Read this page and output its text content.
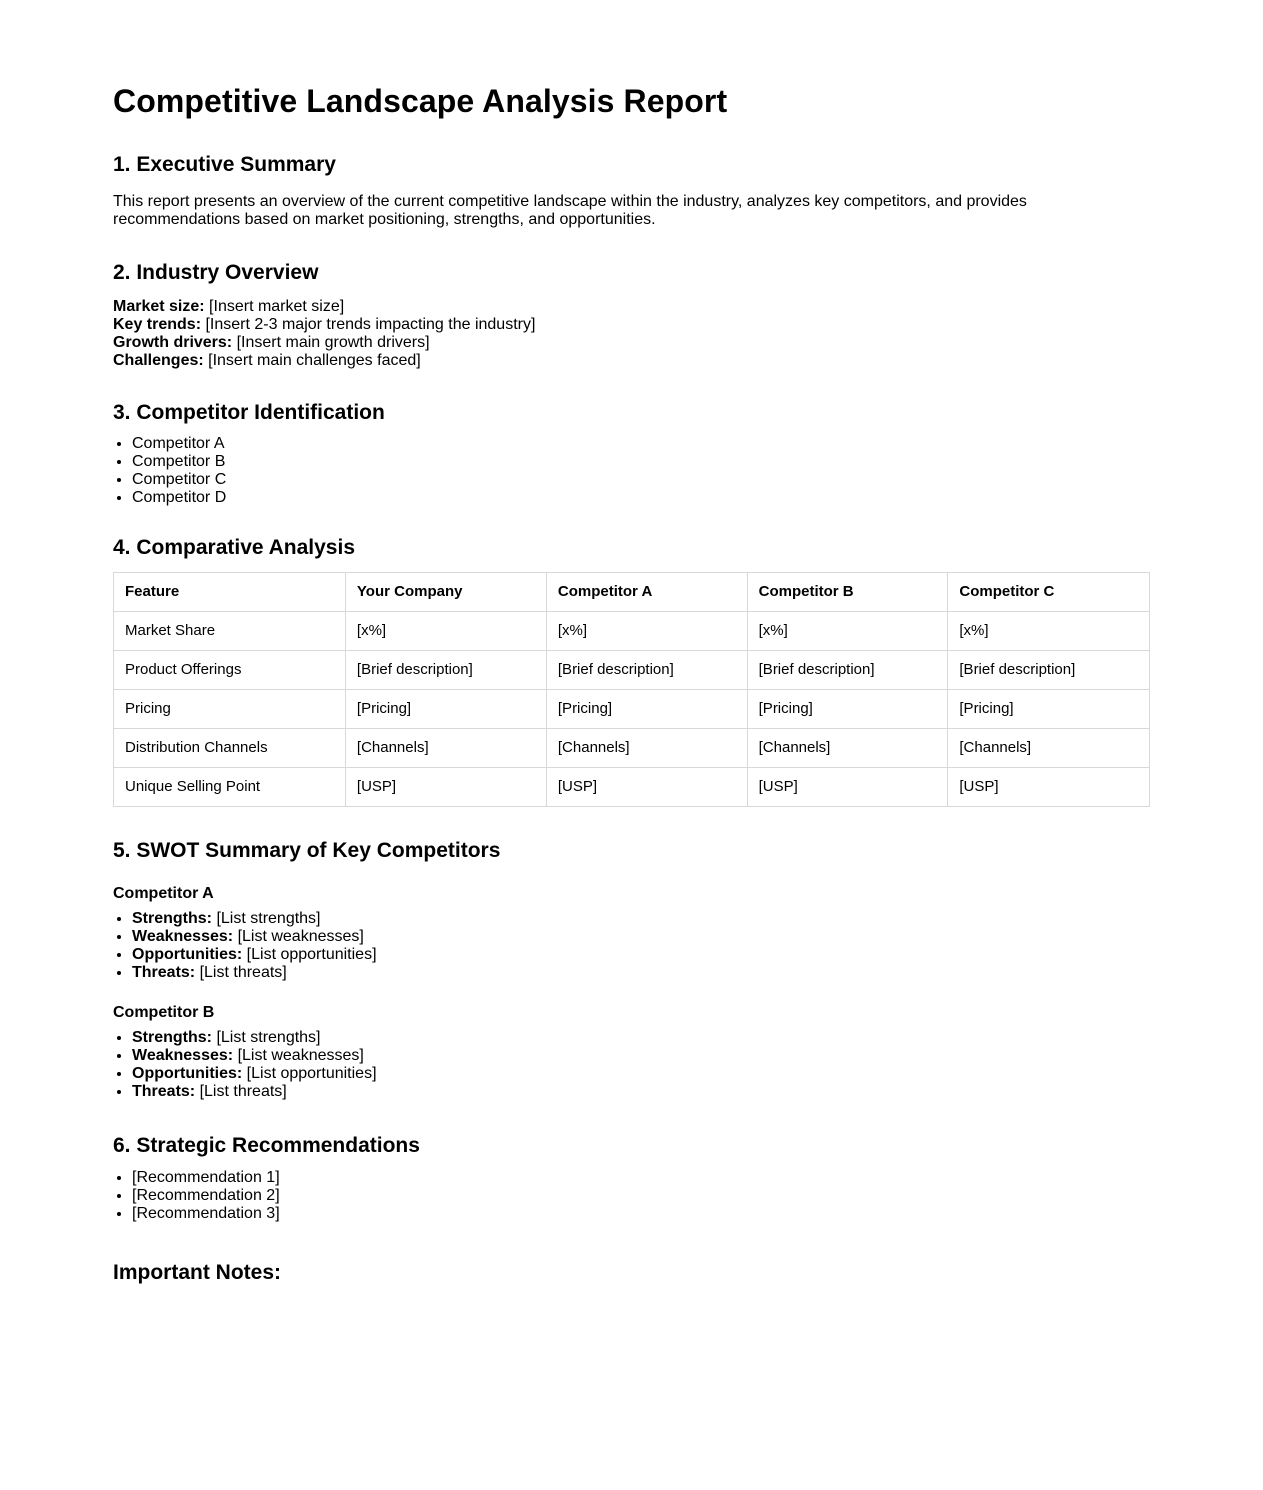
Competitive Landscape Analysis Report
1. Executive Summary

This report presents an overview of the current competitive landscape within the industry, analyzes key competitors, and provides recommendations based on market positioning, strengths, and opportunities.

2. Industry Overview
Market size: [Insert market size]
Key trends: [Insert 2-3 major trends impacting the industry]
Growth drivers: [Insert main growth drivers]
Challenges: [Insert main challenges faced]
3. Competitor Identification
• Competitor A
• Competitor B
• Competitor C
• Competitor D
4. Comparative Analysis
Feature	Your Company	Competitor A	Competitor B	Competitor C
Market Share	[x%]	[x%]	[x%]	[x%]
Product Offerings	[Brief description]	[Brief description]	[Brief description]	[Brief description]
Pricing	[Pricing]	[Pricing]	[Pricing]	[Pricing]
Distribution Channels	[Channels]	[Channels]	[Channels]	[Channels]
Unique Selling Point	[USP]	[USP]	[USP]	[USP]
5. SWOT Summary of Key Competitors
Competitor A
• Strengths: [List strengths]
• Weaknesses: [List weaknesses]
• Opportunities: [List opportunities]
• Threats: [List threats]
Competitor B
• Strengths: [List strengths]
• Weaknesses: [List weaknesses]
• Opportunities: [List opportunities]
• Threats: [List threats]
6. Strategic Recommendations
• [Recommendation 1]
• [Recommendation 2]
• [Recommendation 3]
Important Notes:
